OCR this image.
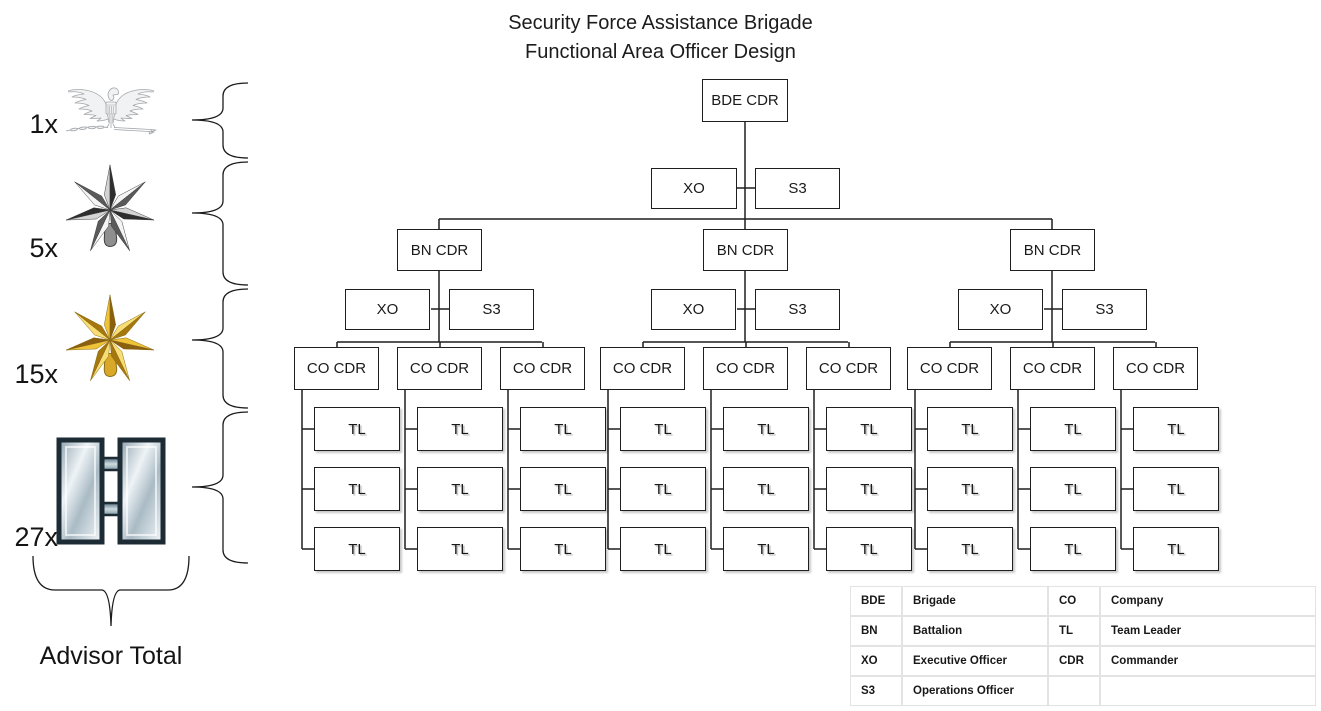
Security Force Assistance Brigade
Functional Area Officer Design
1x
5x
15x
27x
Advisor Total
BDE CDR
XO	S3
BN CDR
XO	S3
CO CDR
TL
TL
TL
CO CDR
TL
TL
TL
CO CDR
TL
TL
TL
BN CDR
XO	S3
CO CDR
TL
TL
TL
CO CDR
TL
TL
TL
CO CDR
TL
TL
TL
BN CDR
XO	S3
CO CDR
TL
TL
TL
CO CDR
TL
TL
TL
CO CDR
TL
TL
TL
BDE	Brigade	CO	Company
BN	Battalion	TL	Team Leader
XO	Executive Officer	CDR	Commander
S3	Operations Officer
